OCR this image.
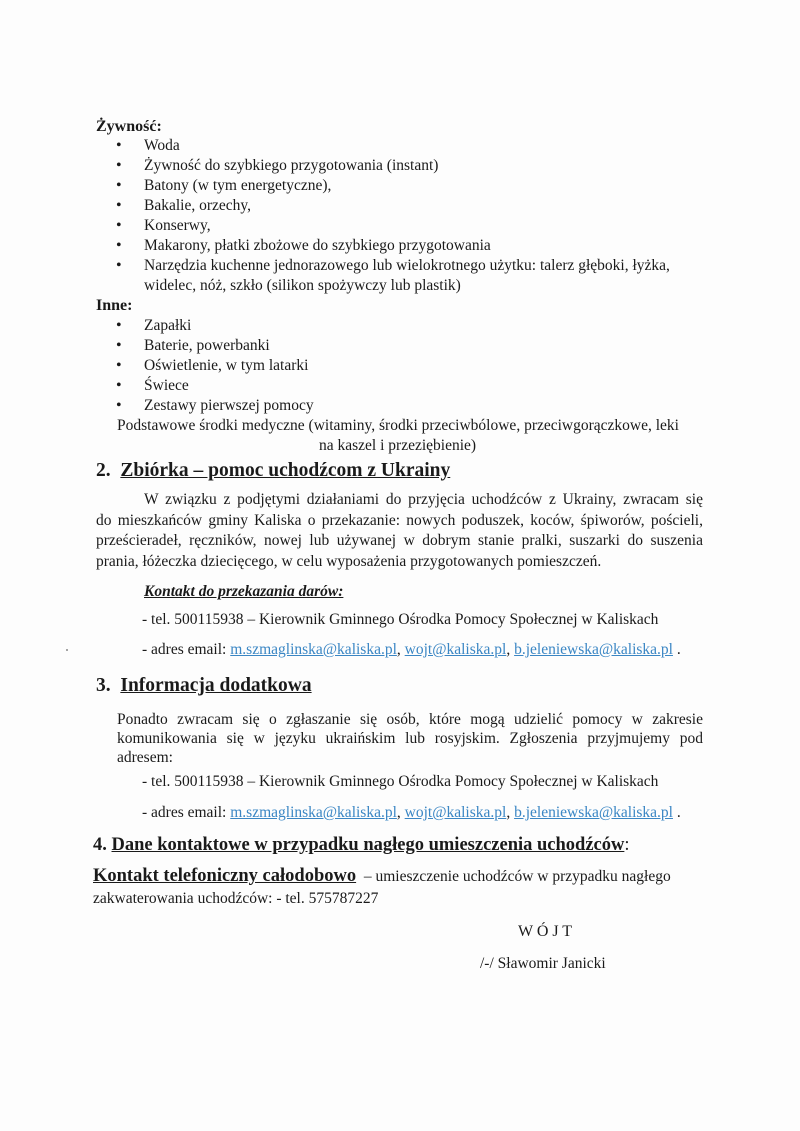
Żywność:
• Woda
• Żywność do szybkiego przygotowania (instant)
• Batony (w tym energetyczne),
• Bakalie, orzechy,
• Konserwy,
• Makarony, płatki zbożowe do szybkiego przygotowania
• Narzędzia kuchenne jednorazowego lub wielokrotnego użytku: talerz głęboki, łyżka,
widelec, nóż, szkło (silikon spożywczy lub plastik)
Inne:
• Zapałki
• Baterie, powerbanki
• Oświetlenie, w tym latarki
• Świece
• Zestawy pierwszej pomocy
Podstawowe środki medyczne (witaminy, środki przeciwbólowe, przeciwgorączkowe, leki
na kaszel i przeziębienie)
2. Zbiórka – pomoc uchodźcom z Ukrainy
W związku z podjętymi działaniami do przyjęcia uchodźców z Ukrainy, zwracam się
do mieszkańców gminy Kaliska o przekazanie: nowych poduszek, koców, śpiworów, pościeli,
prześcieradeł, ręczników, nowej lub używanej w dobrym stanie pralki, suszarki do suszenia
prania, łóżeczka dziecięcego, w celu wyposażenia przygotowanych pomieszczeń.
Kontakt do przekazania darów:
- tel. 500115938 – Kierownik Gminnego Ośrodka Pomocy Społecznej w Kaliskach
- adres email: m.szmaglinska@kaliska.pl, wojt@kaliska.pl, b.jeleniewska@kaliska.pl .
3. Informacja dodatkowa
Ponadto zwracam się o zgłaszanie się osób, które mogą udzielić pomocy w zakresie
komunikowania się w języku ukraińskim lub rosyjskim. Zgłoszenia przyjmujemy pod
adresem:
- tel. 500115938 – Kierownik Gminnego Ośrodka Pomocy Społecznej w Kaliskach
- adres email: m.szmaglinska@kaliska.pl, wojt@kaliska.pl, b.jeleniewska@kaliska.pl .
4. Dane kontaktowe w przypadku nagłego umieszczenia uchodźców:
Kontakt telefoniczny całodobowo  – umieszczenie uchodźców w przypadku nagłego
zakwaterowania uchodźców: - tel. 575787227
W Ó J T
/-/ Sławomir Janicki
